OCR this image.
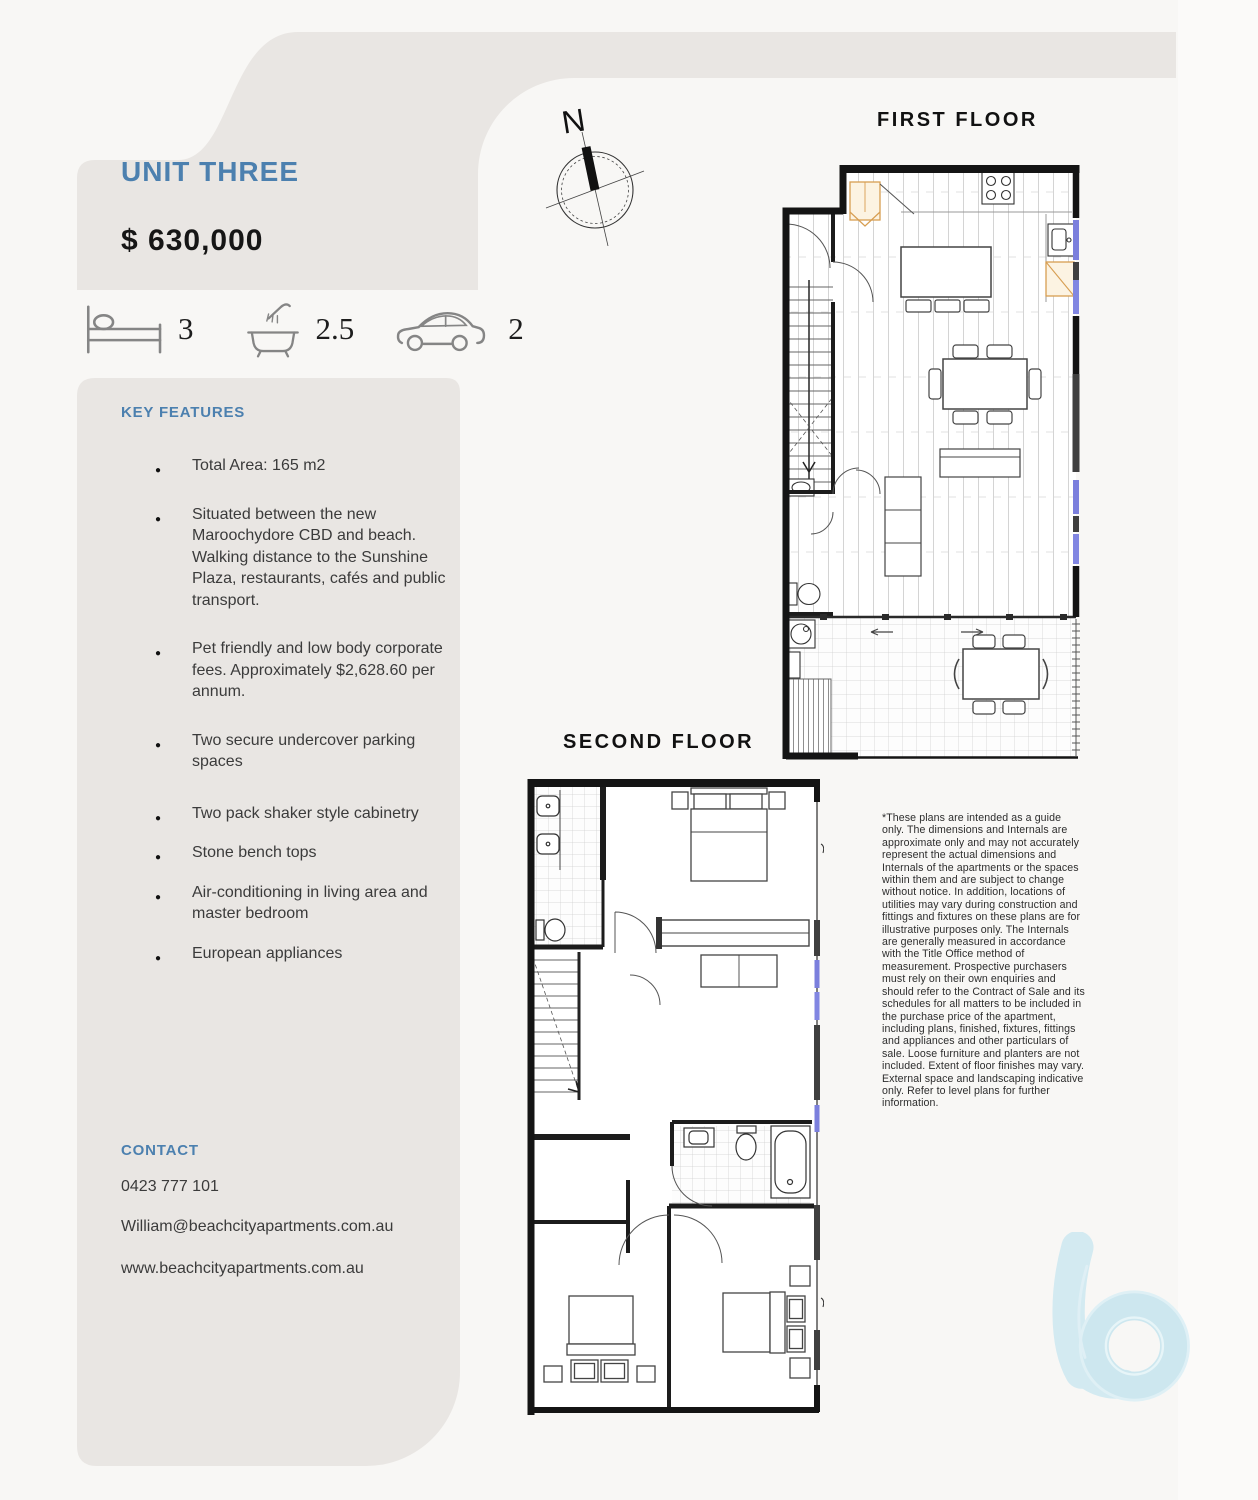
UNIT THREE
$ 630,000
3	2.5	2
KEY FEATURES
● Total Area: 165 m2
● Situated between the new Maroochydore CBD and beach. Walking distance to the Sunshine Plaza, restaurants, cafés and public transport.
● Pet friendly and low body corporate fees. Approximately $2,628.60 per annum.
● Two secure undercover parking spaces
● Two pack shaker style cabinetry
● Stone bench tops
● Air-conditioning in living area and master bedroom
● European appliances
CONTACT
0423 777 101
William@beachcityapartments.com.au
www.beachcityapartments.com.au
N	FIRST FLOOR
SECOND FLOOR
*These plans are intended as a guide only. The dimensions and Internals are approximate only and may not accurately represent the actual dimensions and Internals of the apartments or the spaces within them and are subject to change without notice. In addition, locations of utilities may vary during construction and fittings and fixtures on these plans are for illustrative purposes only. The Internals are generally measured in accordance with the Title Office method of measurement. Prospective purchasers must rely on their own enquiries and should refer to the Contract of Sale and its schedules for all matters to be included in the purchase price of the apartment, including plans, finished, fixtures, fittings and appliances and other particulars of sale. Loose furniture and planters are not included. Extent of floor finishes may vary. External space and landscaping indicative only. Refer to level plans for further information.
